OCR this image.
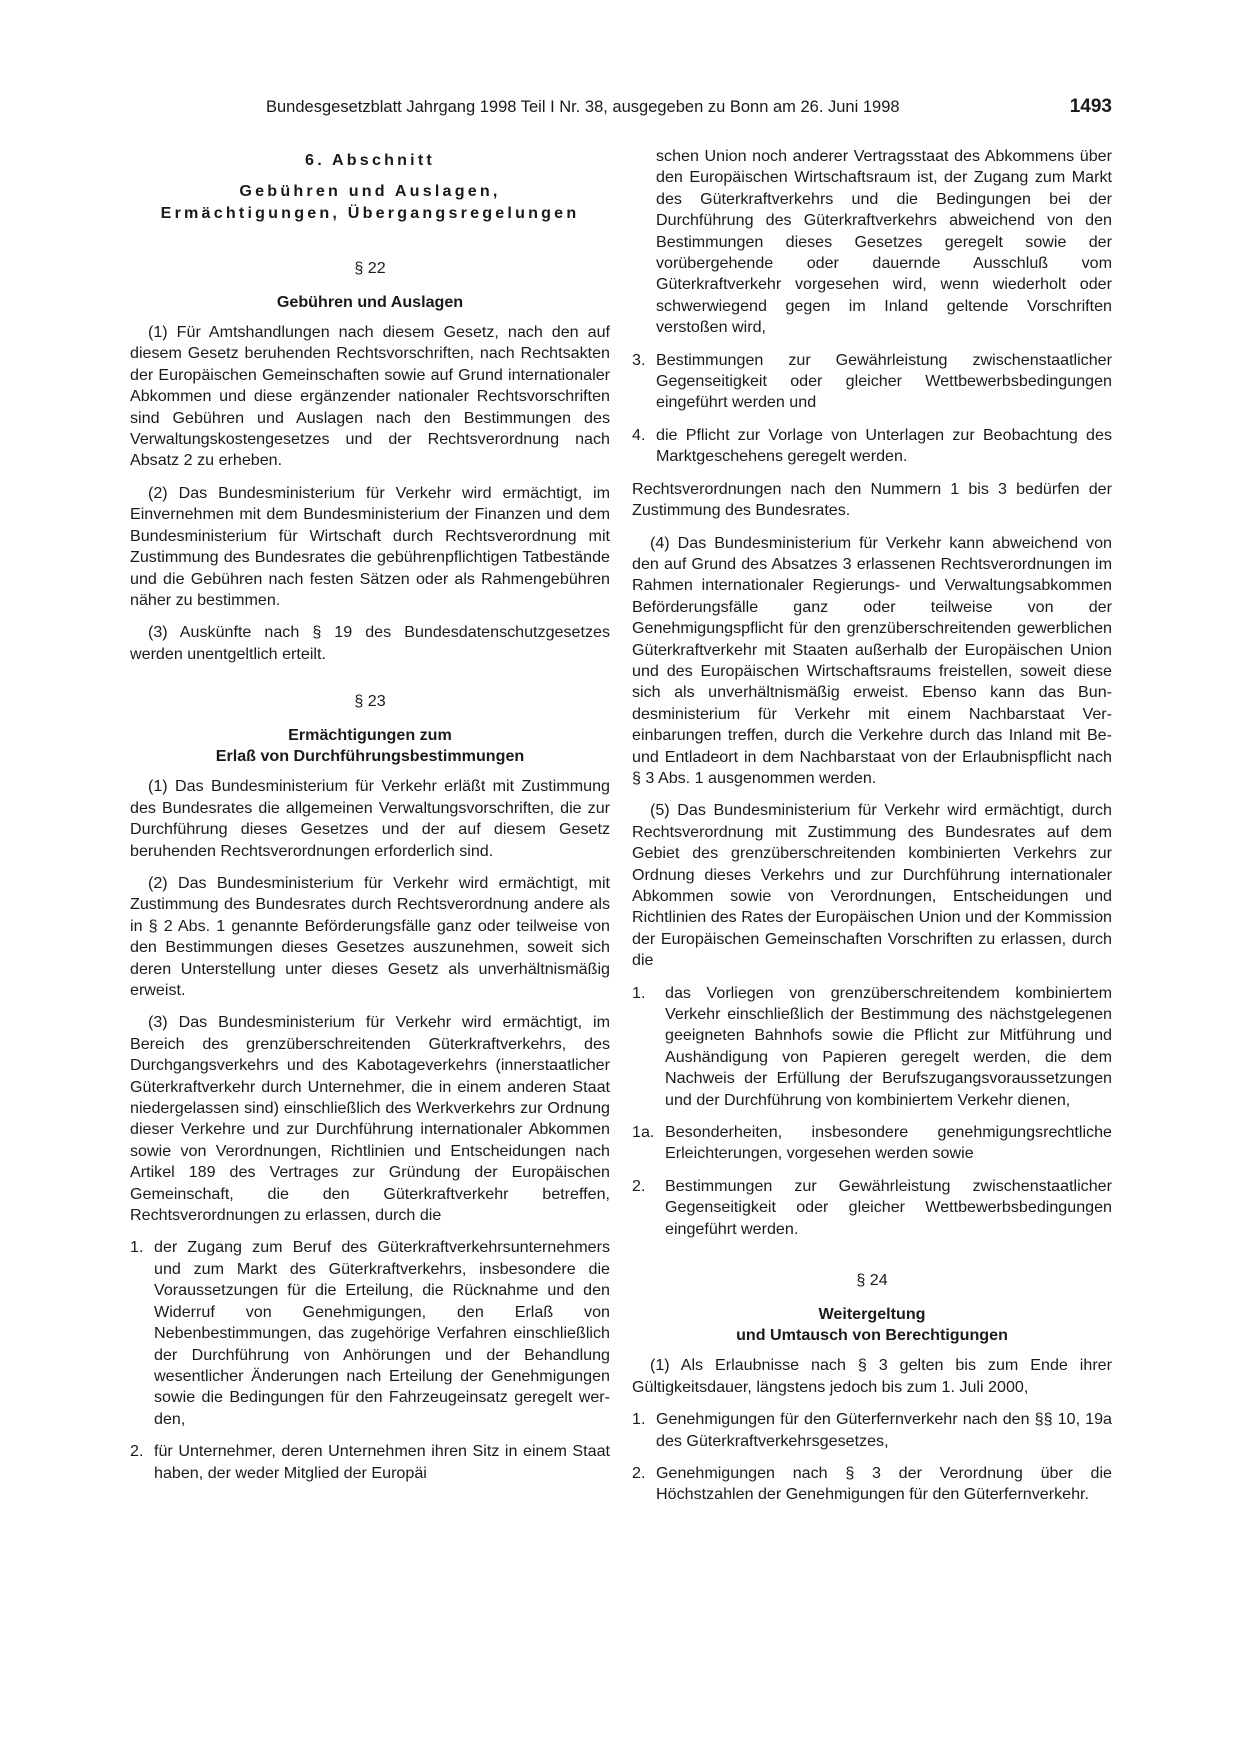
Bundesgesetzblatt Jahrgang 1998 Teil I Nr. 38, ausgegeben zu Bonn am 26. Juni 1998	1493

6. Abschnitt

Gebühren und Auslagen,

Ermächtigungen, Übergangsregelungen

§ 22

Gebühren und Auslagen

(1) Für Amtshandlungen nach diesem Gesetz, nach den auf diesem Gesetz beruhenden Rechtsvorschriften, nach Rechtsakten der Europäischen Gemeinschaften sowie auf Grund internationaler Abkommen und diese ergänzender nationaler Rechtsvorschriften sind Gebühren und Auslagen nach den Bestimmungen des Verwaltungskostengesetzes und der Rechtsverordnung nach Absatz 2 zu erheben.

(2) Das Bundesministerium für Verkehr wird ermächtigt, im Einvernehmen mit dem Bundesministerium der Finanzen und dem Bundesministerium für Wirtschaft durch Rechtsverordnung mit Zustimmung des Bundesrates die gebührenpflichtigen Tatbestände und die Gebühren nach festen Sätzen oder als Rahmengebühren näher zu bestimmen.

(3) Auskünfte nach § 19 des Bundesdatenschutzgesetzes werden unentgeltlich erteilt.

§ 23

Ermächtigungen zum

Erlaß von Durchführungsbestimmungen

(1) Das Bundesministerium für Verkehr erläßt mit Zustimmung des Bundesrates die allgemeinen Verwaltungsvorschriften, die zur Durchführung dieses Gesetzes und der auf diesem Gesetz beruhenden Rechtsverordnungen erforderlich sind.

(2) Das Bundesministerium für Verkehr wird ermächtigt, mit Zustimmung des Bundesrates durch Rechtsverordnung andere als in § 2 Abs. 1 genannte Beförderungsfälle ganz oder teilweise von den Bestimmungen dieses Gesetzes auszunehmen, soweit sich deren Unterstellung unter dieses Gesetz als unverhältnismäßig erweist.

(3) Das Bundesministerium für Verkehr wird ermächtigt, im Bereich des grenzüberschreitenden Güterkraftverkehrs, des Durchgangsverkehrs und des Kabotageverkehrs (innerstaatlicher Güterkraftverkehr durch Unternehmer, die in einem anderen Staat niedergelassen sind) einschließlich des Werkverkehrs zur Ordnung dieser Verkehre und zur Durchführung internationaler Abkommen sowie von Verordnungen, Richtlinien und Entscheidungen nach Artikel 189 des Vertrages zur Gründung der Europäischen Gemeinschaft, die den Güterkraftverkehr betreffen, Rechtsverordnungen zu erlassen, durch die

1. der Zugang zum Beruf des Güterkraftverkehrsunternehmers und zum Markt des Güterkraftverkehrs, insbesondere die Voraussetzungen für die Erteilung, die Rücknahme und den Widerruf von Genehmigungen, den Erlaß von Nebenbestimmungen, das zugehörige Verfahren einschließlich der Durchführung von Anhörungen und der Behandlung wesentlicher Änderungen nach Erteilung der Genehmigungen sowie die Bedingungen für den Fahrzeugeinsatz geregelt werden,
2. für Unternehmer, deren Unternehmen ihren Sitz in einem Staat haben, der weder Mitglied der Europäi

schen Union noch anderer Vertragsstaat des Abkommens über den Europäischen Wirtschaftsraum ist, der Zugang zum Markt des Güterkraftverkehrs und die Bedingungen bei der Durchführung des Güterkraftverkehrs abweichend von den Bestimmungen dieses Gesetzes geregelt sowie der vorübergehende oder dauernde Ausschluß vom Güterkraftverkehr vorgesehen wird, wenn wiederholt oder schwerwiegend gegen im Inland geltende Vorschriften verstoßen wird,

3. Bestimmungen zur Gewährleistung zwischenstaatlicher Gegenseitigkeit oder gleicher Wettbewerbsbedingungen eingeführt werden und
4. die Pflicht zur Vorlage von Unterlagen zur Beobachtung des Marktgeschehens geregelt werden.

Rechtsverordnungen nach den Nummern 1 bis 3 bedürfen der Zustimmung des Bundesrates.

(4) Das Bundesministerium für Verkehr kann abweichend von den auf Grund des Absatzes 3 erlassenen Rechtsverordnungen im Rahmen internationaler Regierungs- und Verwaltungsabkommen Beförderungsfälle ganz oder teilweise von der Genehmigungspflicht für den grenzüberschreitenden gewerblichen Güterkraftverkehr mit Staaten außerhalb der Europäischen Union und des Europäischen Wirtschaftsraums freistellen, soweit diese sich als unverhältnismäßig erweist. Ebenso kann das Bundesministerium für Verkehr mit einem Nachbarstaat Vereinbarungen treffen, durch die Verkehre durch das Inland mit Be- und Entladeort in dem Nachbarstaat von der Erlaubnispflicht nach § 3 Abs. 1 ausgenommen werden.

(5) Das Bundesministerium für Verkehr wird ermächtigt, durch Rechtsverordnung mit Zustimmung des Bundesrates auf dem Gebiet des grenzüberschreitenden kombinierten Verkehrs zur Ordnung dieses Verkehrs und zur Durchführung internationaler Abkommen sowie von Verordnungen, Entscheidungen und Richtlinien des Rates der Europäischen Union und der Kommission der Europäischen Gemeinschaften Vorschriften zu erlassen, durch die

1.	das Vorliegen von grenzüberschreitendem kombiniertem Verkehr einschließlich der Bestimmung des nächstgelegenen geeigneten Bahnhofs sowie die Pflicht zur Mitführung und Aushändigung von Papieren geregelt werden, die dem Nachweis der Erfüllung der Berufszugangsvoraussetzungen und der Durchführung von kombiniertem Verkehr dienen,
1a. Besonderheiten, insbesondere genehmigungsrechtliche Erleichterungen, vorgesehen werden sowie
2.	Bestimmungen zur Gewährleistung zwischenstaatlicher Gegenseitigkeit oder gleicher Wettbewerbsbedingungen eingeführt werden.

§ 24

Weitergeltung

und Umtausch von Berechtigungen

(1) Als Erlaubnisse nach § 3 gelten bis zum Ende ihrer Gültigkeitsdauer, längstens jedoch bis zum 1. Juli 2000,

1. Genehmigungen für den Güterfernverkehr nach den §§ 10, 19a des Güterkraftverkehrsgesetzes,
2. Genehmigungen nach § 3 der Verordnung über die Höchstzahlen der Genehmigungen für den Güterfernverkehr.
